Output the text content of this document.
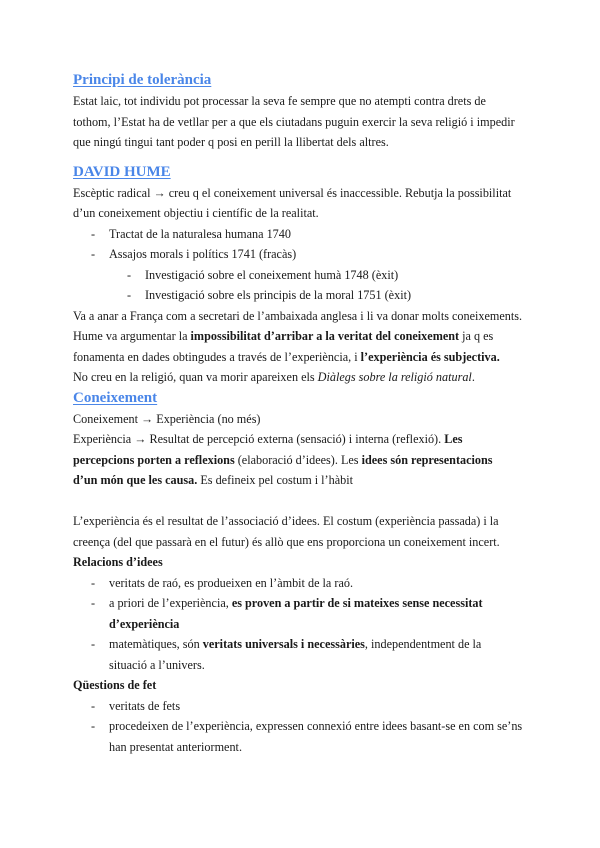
Principi de tolerància

Estat laic, tot individu pot processar la seva fe sempre que no atempti contra drets de
tothom, l’Estat ha de vetllar per a que els ciutadans puguin exercir la seva religió i impedir
que ningú tingui tant poder q posi en perill la llibertat dels altres.

DAVID HUME

Escèptic radical → creu q el coneixement universal és inaccessible. Rebutja la possibilitat
d’un coneixement objectiu i científic de la realitat.

- Tractat de la naturalesa humana 1740
- Assajos morals i polítics 1741 (fracàs)
- Investigació sobre el coneixement humà 1748 (èxit)
- Investigació sobre els principis de la moral 1751 (èxit)

Va a anar a França com a secretari de l’ambaixada anglesa i li va donar molts coneixements.
Hume va argumentar la impossibilitat d’arribar a la veritat del coneixement ja q es
fonamenta en dades obtingudes a través de l’experiència, i l’experiència és subjectiva.
No creu en la religió, quan va morir apareixen els Diàlegs sobre la religió natural.

Coneixement

Coneixement → Experiència (no més)
Experiència → Resultat de percepció externa (sensació) i interna (reflexió). Les
percepcions porten a reflexions (elaboració d’idees). Les idees són representacions
d’un món que les causa. Es defineix pel costum i l’hàbit

L’experiència és el resultat de l’associació d’idees. El costum (experiència passada) i la
creença (del que passarà en el futur) és allò que ens proporciona un coneixement incert.

Relacions d’idees

- veritats de raó, es produeixen en l’àmbit de la raó.
- a priori de l’experiència, es proven a partir de si mateixes sense necessitat
d’experiència
- matemàtiques, són veritats universals i necessàries, independentment de la
situació a l’univers.

Qüestions de fet

- veritats de fets
- procedeixen de l’experiència, expressen connexió entre idees basant-se en com se’ns
han presentat anteriorment.
